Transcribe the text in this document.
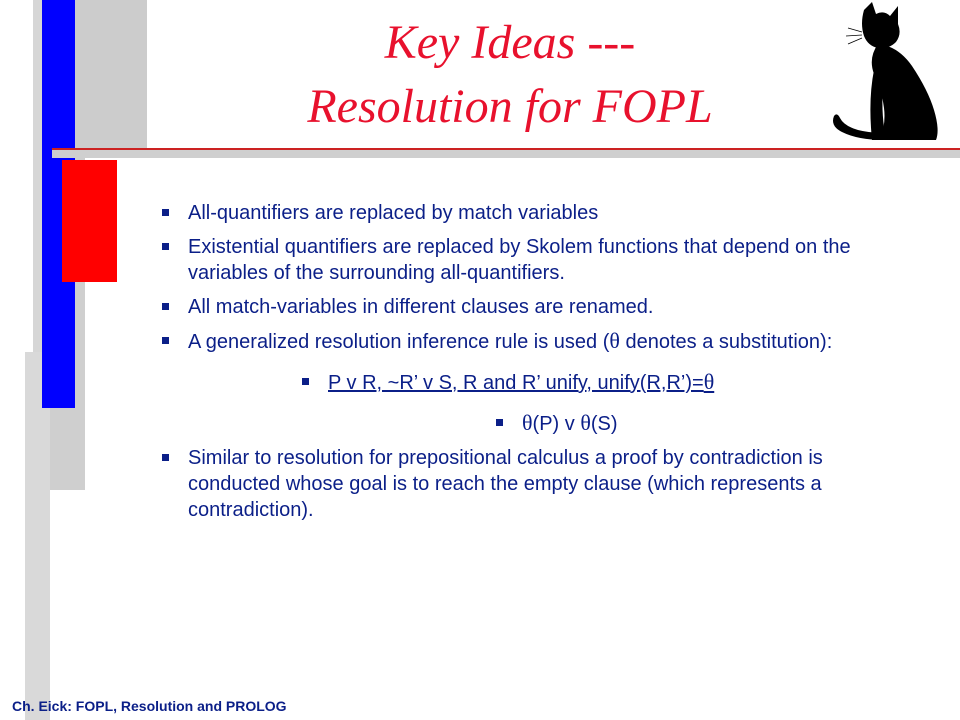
Key Ideas ---
Resolution for FOPL
All-quantifiers are replaced by match variables
Existential quantifiers are replaced by Skolem functions that depend on the variables of the surrounding all-quantifiers.
All match-variables in different clauses are renamed.
A generalized resolution inference rule is used (θ denotes a substitution):
P v R, ~R’ v S, R and R’ unify, unify(R,R’)=θ
θ(P) v θ(S)
Similar to resolution for prepositional calculus a proof by contradiction is conducted whose goal is to reach the empty clause (which represents a contradiction).
Ch. Eick: FOPL, Resolution and PROLOG
